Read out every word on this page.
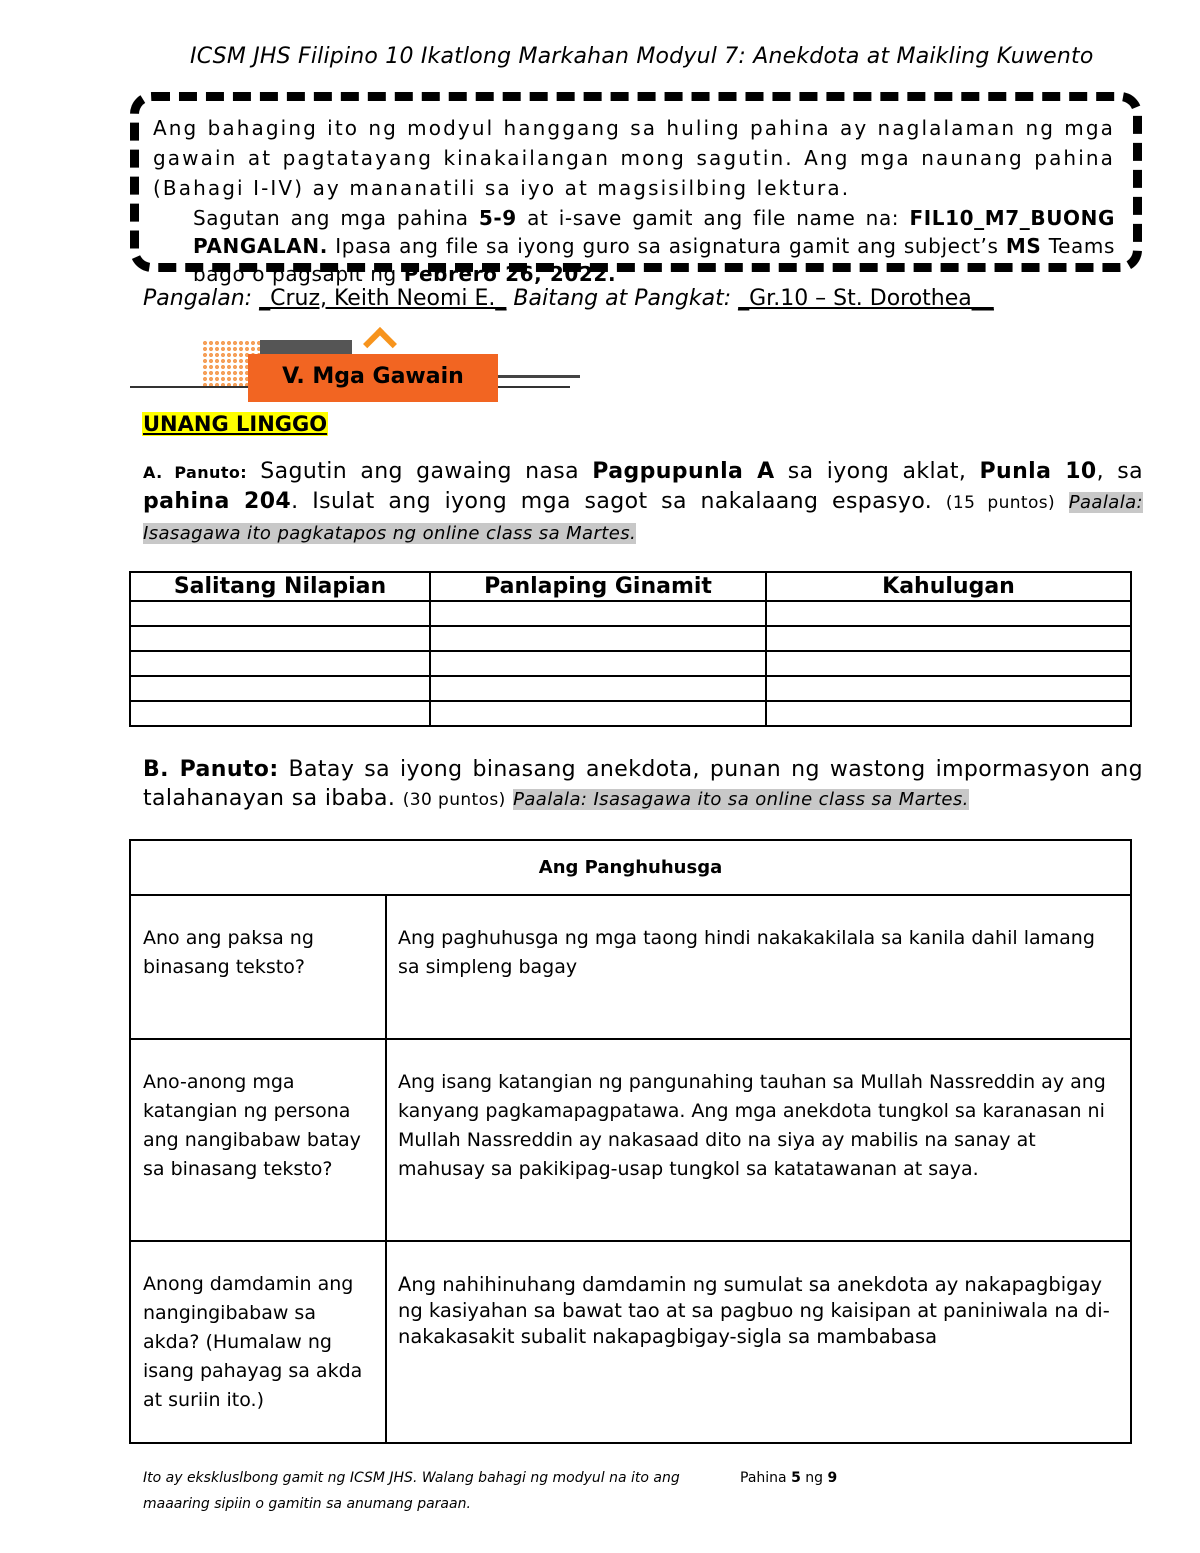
ICSM JHS Filipino 10 Ikatlong Markahan Modyul 7: Anekdota at Maikling Kuwento
Ang bahaging ito ng modyul hanggang sa huling pahina ay naglalaman ng mga gawain at pagtatayang kinakailangan mong sagutin. Ang mga naunang pahina (Bahagi I-IV) ay mananatili sa iyo at magsisilbing lektura.
Sagutan ang mga pahina 5-9 at i-save gamit ang file name na: FIL10_M7_BUONG PANGALAN. Ipasa ang file sa iyong guro sa asignatura gamit ang subject’s MS Teams bago o pagsapit ng Pebrero 26, 2022.
Pangalan: _Cruz, Keith Neomi E._ Baitang at Pangkat: _Gr.10 – St. Dorothea__
V. Mga Gawain
UNANG LINGGO
A. Panuto: Sagutin ang gawaing nasa Pagpupunla A sa iyong aklat, Punla 10, sa pahina 204. Isulat ang iyong mga sagot sa nakalaang espasyo. (15 puntos) Paalala: Isasagawa ito pagkatapos ng online class sa Martes.
Salitang Nilapian	Panlaping Ginamit	Kahulugan

B. Panuto: Batay sa iyong binasang anekdota, punan ng wastong impormasyon ang talahanayan sa ibaba. (30 puntos) Paalala: Isasagawa ito sa online class sa Martes.
Ang Panghuhusga	
Ano ang paksa ng binasang teksto?	Ang paghuhusga ng mga taong hindi nakakakilala sa kanila dahil lamang sa simpleng bagay
Ano-anong mga katangian ng persona ang nangibabaw batay sa binasang teksto?	Ang isang katangian ng pangunahing tauhan sa Mullah Nassreddin ay ang kanyang pagkamapagpatawa. Ang mga anekdota tungkol sa karanasan ni Mullah Nassreddin ay nakasaad dito na siya ay mabilis na sanay at mahusay sa pakikipag-usap tungkol sa katatawanan at saya.
Anong damdamin ang nangingibabaw sa akda? (Humalaw ng isang pahayag sa akda at suriin ito.)	Ang nahihinuhang damdamin ng sumulat sa anekdota ay nakapagbigay ng kasiyahan sa bawat tao at sa pagbuo ng kaisipan at paniniwala na di-nakakasakit subalit nakapagbigay-sigla sa mambabasa
Ito ay ekskluslbong gamit ng ICSM JHS. Walang bahagi ng modyul na ito ang
maaaring sipiin o gamitin sa anumang paraan.
Pahina 5 ng 9
